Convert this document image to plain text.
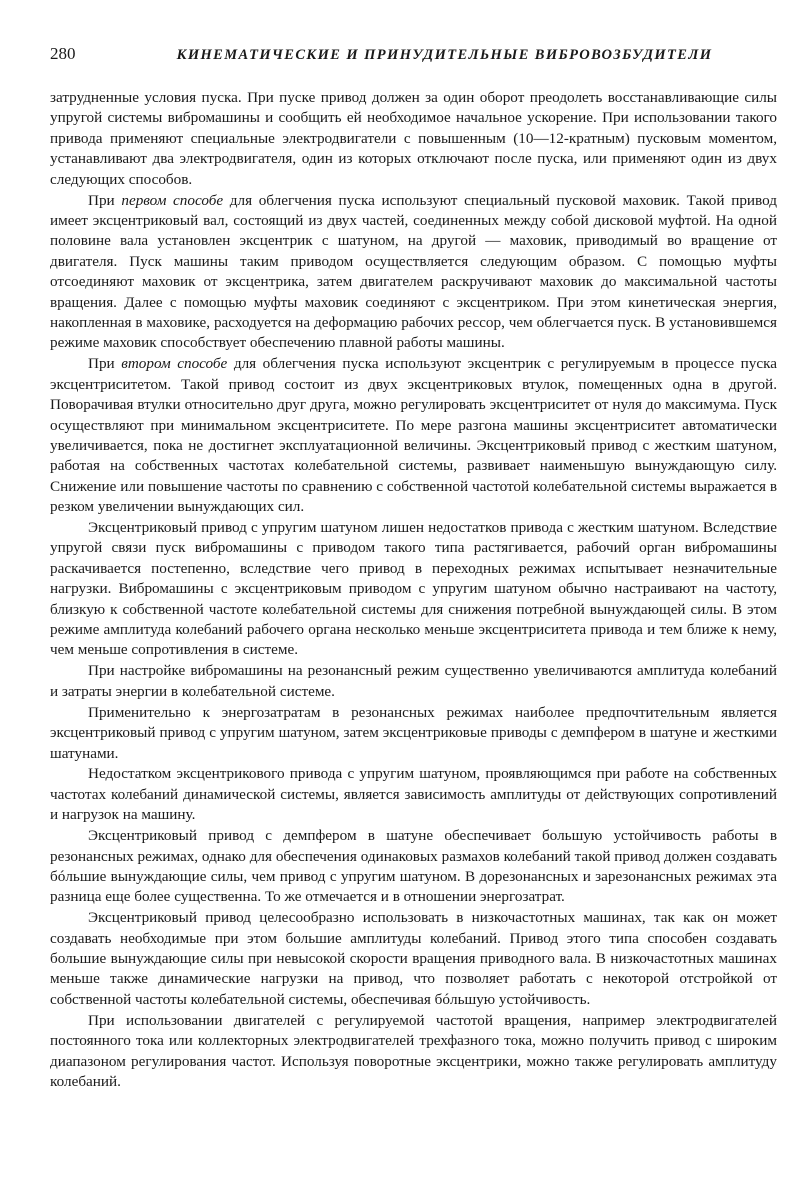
280	КИНЕМАТИЧЕСКИЕ И ПРИНУДИТЕЛЬНЫЕ ВИБРОВОЗБУДИТЕЛИ

затрудненные условия пуска. При пуске привод должен за один оборот преодолеть восстанавливающие силы упругой системы вибромашины и сообщить ей необходимое начальное ускорение. При использовании такого привода применяют специальные электродвигатели с повышенным (10—12-кратным) пусковым моментом, устанавливают два электродвигателя, один из которых отключают после пуска, или применяют один из двух следующих способов.

При первом способе для облегчения пуска используют специальный пусковой маховик. Такой привод имеет эксцентриковый вал, состоящий из двух частей, соединенных между собой дисковой муфтой. На одной половине вала установлен эксцентрик с шатуном, на другой — маховик, приводимый во вращение от двигателя. Пуск машины таким приводом осуществляется следующим образом. С помощью муфты отсоединяют маховик от эксцентрика, затем двигателем раскручивают маховик до максимальной частоты вращения. Далее с помощью муфты маховик соединяют с эксцентриком. При этом кинетическая энергия, накопленная в маховике, расходуется на деформацию рабочих рессор, чем облегчается пуск. В установившемся режиме маховик способствует обеспечению плавной работы машины.

При втором способе для облегчения пуска используют эксцентрик с регулируемым в процессе пуска эксцентриситетом. Такой привод состоит из двух эксцентриковых втулок, помещенных одна в другой. Поворачивая втулки относительно друг друга, можно регулировать эксцентриситет от нуля до максимума. Пуск осуществляют при минимальном эксцентриситете. По мере разгона машины эксцентриситет автоматически увеличивается, пока не достигнет эксплуатационной величины. Эксцентриковый привод с жестким шатуном, работая на собственных частотах колебательной системы, развивает наименьшую вынуждающую силу. Снижение или повышение частоты по сравнению с собственной частотой колебательной системы выражается в резком увеличении вынуждающих сил.

Эксцентриковый привод с упругим шатуном лишен недостатков привода с жестким шатуном. Вследствие упругой связи пуск вибромашины с приводом такого типа растягивается, рабочий орган вибромашины раскачивается постепенно, вследствие чего привод в переходных режимах испытывает незначительные нагрузки. Вибромашины с эксцентриковым приводом с упругим шатуном обычно настраивают на частоту, близкую к собственной частоте колебательной системы для снижения потребной вынуждающей силы. В этом режиме амплитуда колебаний рабочего органа несколько меньше эксцентриситета привода и тем ближе к нему, чем меньше сопротивления в системе.

При настройке вибромашины на резонансный режим существенно увеличиваются амплитуда колебаний и затраты энергии в колебательной системе.

Применительно к энергозатратам в резонансных режимах наиболее предпочтительным является эксцентриковый привод с упругим шатуном, затем эксцентриковые приводы с демпфером в шатуне и жесткими шатунами.

Недостатком эксцентрикового привода с упругим шатуном, проявляющимся при работе на собственных частотах колебаний динамической системы, является зависимость амплитуды от действующих сопротивлений и нагрузок на машину.

Эксцентриковый привод с демпфером в шатуне обеспечивает большую устойчивость работы в резонансных режимах, однако для обеспечения одинаковых размахов колебаний такой привод должен создавать бóльшие вынуждающие силы, чем привод с упругим шатуном. В дорезонансных и зарезонансных режимах эта разница еще более существенна. То же отмечается и в отношении энергозатрат.

Эксцентриковый привод целесообразно использовать в низкочастотных машинах, так как он может создавать необходимые при этом большие амплитуды колебаний. Привод этого типа способен создавать большие вынуждающие силы при невысокой скорости вращения приводного вала. В низкочастотных машинах меньше также динамические нагрузки на привод, что позволяет работать с некоторой отстройкой от собственной частоты колебательной системы, обеспечивая бóльшую устойчивость.

При использовании двигателей с регулируемой частотой вращения, например электродвигателей постоянного тока или коллекторных электродвигателей трехфазного тока, можно получить привод с широким диапазоном регулирования частот. Используя поворотные эксцентрики, можно также регулировать амплитуду колебаний.
